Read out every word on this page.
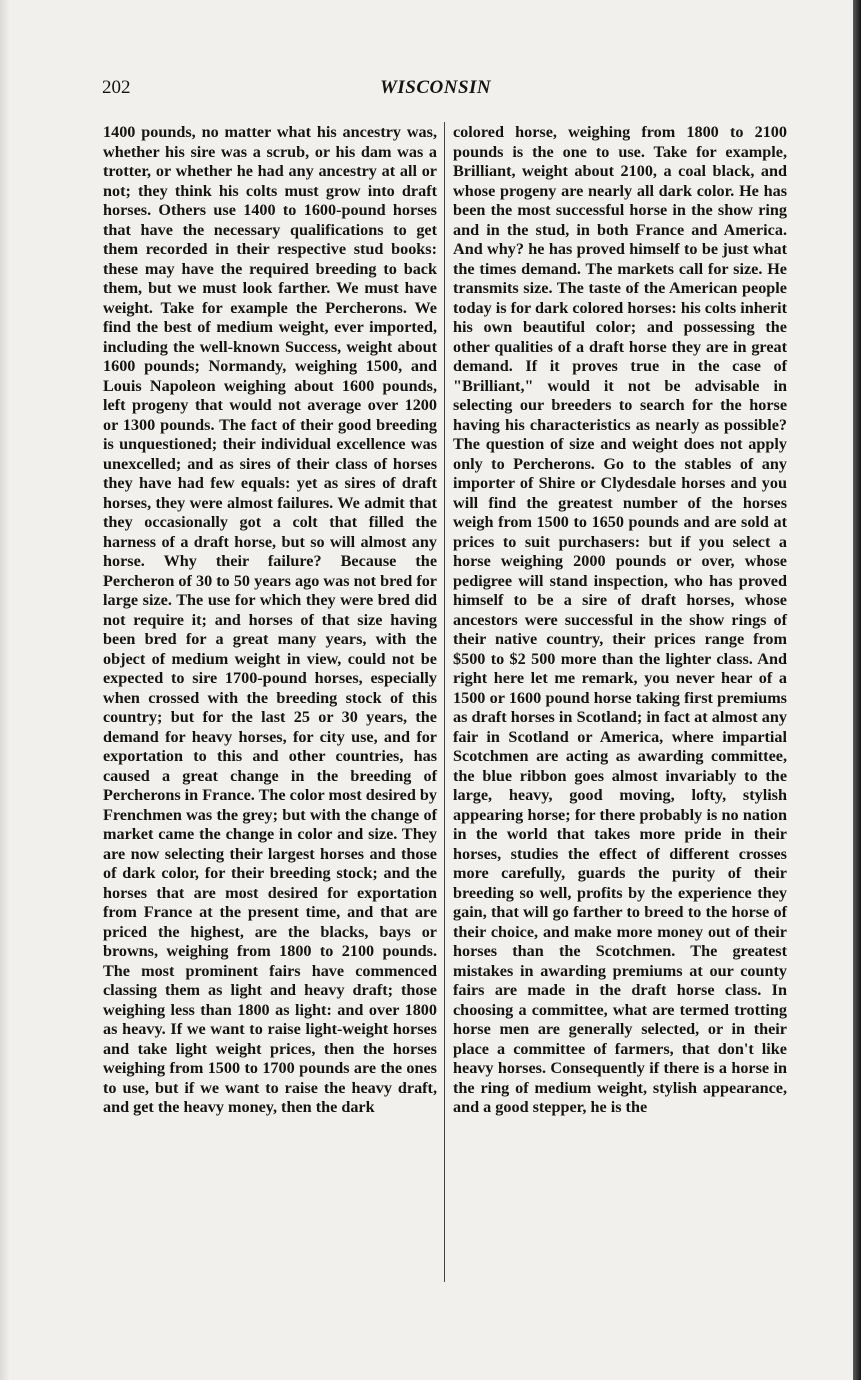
202	WISCONSIN
1400 pounds, no matter what his ancestry was, whether his sire was a scrub, or his dam was a trotter, or whether he had any ancestry at all or not; they think his colts must grow into draft horses. Others use 1400 to 1600-pound horses that have the necessary qualifications to get them recorded in their respective stud books: these may have the required breeding to back them, but we must look farther. We must have weight. Take for example the Percherons. We find the best of medium weight, ever imported, including the well-known Success, weight about 1600 pounds; Normandy, weighing 1500, and Louis Napoleon weighing about 1600 pounds, left progeny that would not average over 1200 or 1300 pounds. The fact of their good breeding is unquestioned; their individual excellence was unexcelled; and as sires of their class of horses they have had few equals: yet as sires of draft horses, they were almost failures. We admit that they occasionally got a colt that filled the harness of a draft horse, but so will almost any horse. Why their failure? Because the Percheron of 30 to 50 years ago was not bred for large size. The use for which they were bred did not require it; and horses of that size having been bred for a great many years, with the object of medium weight in view, could not be expected to sire 1700-pound horses, especially when crossed with the breeding stock of this country; but for the last 25 or 30 years, the demand for heavy horses, for city use, and for exportation to this and other countries, has caused a great change in the breeding of Percherons in France. The color most desired by Frenchmen was the grey; but with the change of market came the change in color and size. They are now selecting their largest horses and those of dark color, for their breeding stock; and the horses that are most desired for exportation from France at the present time, and that are priced the highest, are the blacks, bays or browns, weighing from 1800 to 2100 pounds. The most prominent fairs have commenced classing them as light and heavy draft; those weighing less than 1800 as light: and over 1800 as heavy. If we want to raise light-weight horses and take light weight prices, then the horses weighing from 1500 to 1700 pounds are the ones to use, but if we want to raise the heavy draft, and get the heavy money, then the dark
colored horse, weighing from 1800 to 2100 pounds is the one to use. Take for example, Brilliant, weight about 2100, a coal black, and whose progeny are nearly all dark color. He has been the most successful horse in the show ring and in the stud, in both France and America. And why? he has proved himself to be just what the times demand. The markets call for size. He transmits size. The taste of the American people today is for dark colored horses: his colts inherit his own beautiful color; and possessing the other qualities of a draft horse they are in great demand. If it proves true in the case of "Brilliant," would it not be advisable in selecting our breeders to search for the horse having his characteristics as nearly as possible? The question of size and weight does not apply only to Percherons. Go to the stables of any importer of Shire or Clydesdale horses and you will find the greatest number of the horses weigh from 1500 to 1650 pounds and are sold at prices to suit purchasers: but if you select a horse weighing 2000 pounds or over, whose pedigree will stand inspection, who has proved himself to be a sire of draft horses, whose ancestors were successful in the show rings of their native country, their prices range from $500 to $2 500 more than the lighter class. And right here let me remark, you never hear of a 1500 or 1600 pound horse taking first premiums as draft horses in Scotland; in fact at almost any fair in Scotland or America, where impartial Scotchmen are acting as awarding committee, the blue ribbon goes almost invariably to the large, heavy, good moving, lofty, stylish appearing horse; for there probably is no nation in the world that takes more pride in their horses, studies the effect of different crosses more carefully, guards the purity of their breeding so well, profits by the experience they gain, that will go farther to breed to the horse of their choice, and make more money out of their horses than the Scotchmen. The greatest mistakes in awarding premiums at our county fairs are made in the draft horse class. In choosing a committee, what are termed trotting horse men are generally selected, or in their place a committee of farmers, that don't like heavy horses. Consequently if there is a horse in the ring of medium weight, stylish appearance, and a good stepper, he is the
